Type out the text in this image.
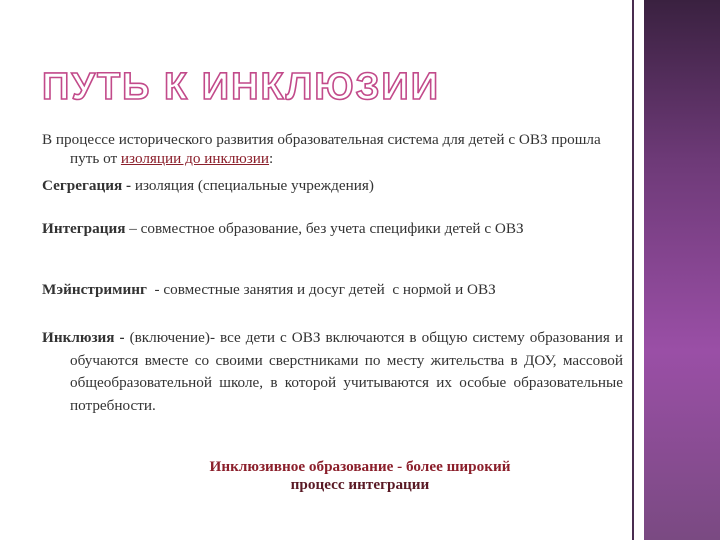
ПУТЬ К ИНКЛЮЗИИ

В процессе исторического развития образовательная система для детей с ОВЗ прошла путь от изоляции до инклюзии:

Сегрегация - изоляция (специальные учреждения)

Интеграция – совместное образование, без учета специфики детей с ОВЗ

Мэйнстриминг  - совместные занятия и досуг детей  с нормой и ОВЗ

Инклюзия - (включение)- все дети с ОВЗ включаются в общую систему образования и обучаются вместе со своими сверстниками по месту жительства в ДОУ, массовой общеобразовательной школе, в которой учитываются их особые образовательные потребности.

Инклюзивное образование - более широкий
процесс интеграции
